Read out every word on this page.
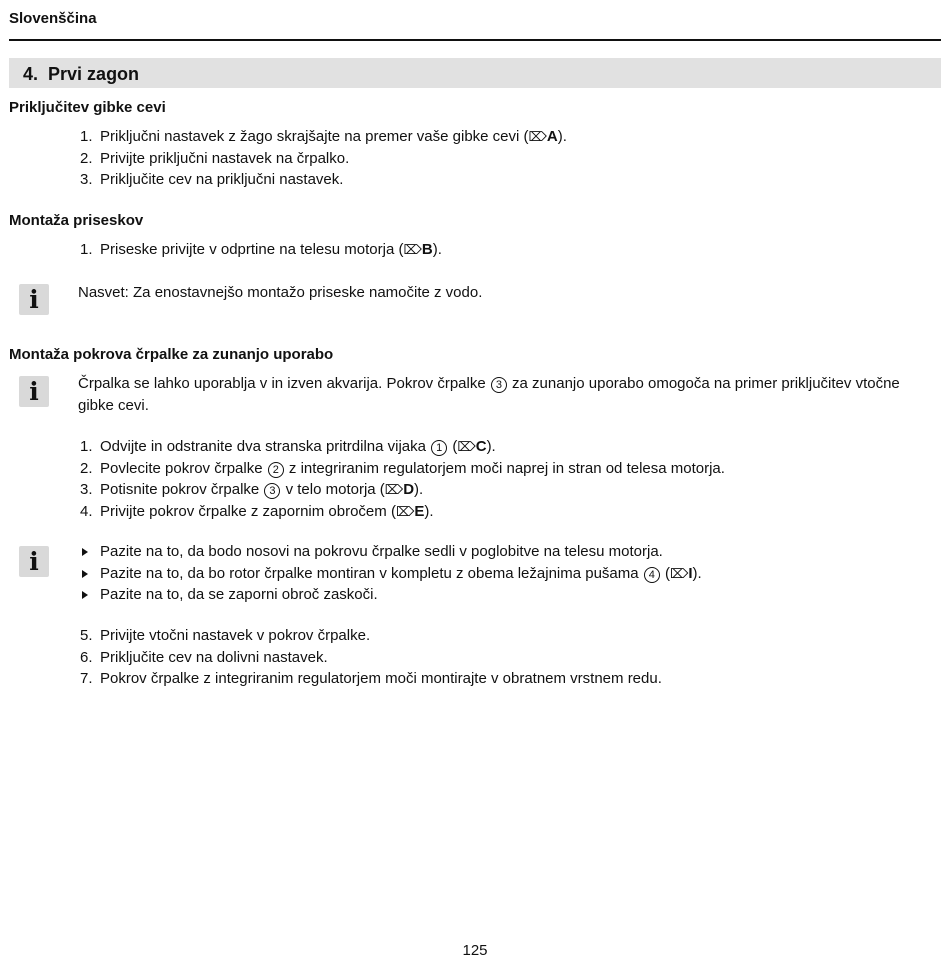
Slovenščina
4. Prvi zagon
Priključitev gibke cevi
1. Priključni nastavek z žago skrajšajte na premer vaše gibke cevi (⌦A).
2. Privijte priključni nastavek na črpalko.
3. Priključite cev na priključni nastavek.
Montaža priseskov
1. Priseske privijte v odprtine na telesu motorja (⌦B).
i	Nasvet: Za enostavnejšo montažo priseske namočite z vodo.
Montaža pokrova črpalke za zunanjo uporabo
i	Črpalka se lahko uporablja v in izven akvarija. Pokrov črpalke 3 za zunanjo uporabo omogoča na primer priključitev vtočne
gibke cevi.
1. Odvijte in odstranite dva stranska pritrdilna vijaka 1 (⌦C).
2. Povlecite pokrov črpalke 2 z integriranim regulatorjem moči naprej in stran od telesa motorja.
3. Potisnite pokrov črpalke 3 v telo motorja (⌦D).
4. Privijte pokrov črpalke z zapornim obročem (⌦E).
i	Pazite na to, da bodo nosovi na pokrovu črpalke sedli v poglobitve na telesu motorja.
Pazite na to, da bo rotor črpalke montiran v kompletu z obema ležajnima pušama 4 (⌦I).
Pazite na to, da se zaporni obroč zaskoči.
5. Privijte vtočni nastavek v pokrov črpalke.
6. Priključite cev na dolivni nastavek.
7. Pokrov črpalke z integriranim regulatorjem moči montirajte v obratnem vrstnem redu.
125
